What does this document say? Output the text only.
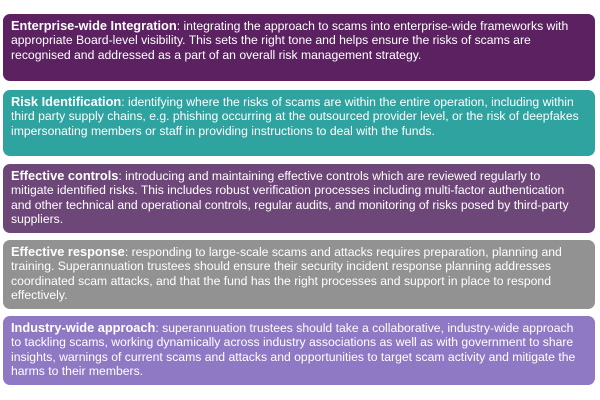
Enterprise-wide Integration: integrating the approach to scams into enterprise-wide frameworks with appropriate Board-level visibility. This sets the right tone and helps ensure the risks of scams are recognised and addressed as a part of an overall risk management strategy.
Risk Identification: identifying where the risks of scams are within the entire operation, including within third party supply chains, e.g. phishing occurring at the outsourced provider level, or the risk of deepfakes impersonating members or staff in providing instructions to deal with the funds.
Effective controls: introducing and maintaining effective controls which are reviewed regularly to mitigate identified risks. This includes robust verification processes including multi-factor authentication and other technical and operational controls, regular audits, and monitoring of risks posed by third-party suppliers.
Effective response: responding to large-scale scams and attacks requires preparation, planning and training. Superannuation trustees should ensure their security incident response planning addresses coordinated scam attacks, and that the fund has the right processes and support in place to respond effectively.
Industry-wide approach: superannuation trustees should take a collaborative, industry-wide approach to tackling scams, working dynamically across industry associations as well as with government to share insights, warnings of current scams and attacks and opportunities to target scam activity and mitigate the harms to their members.
